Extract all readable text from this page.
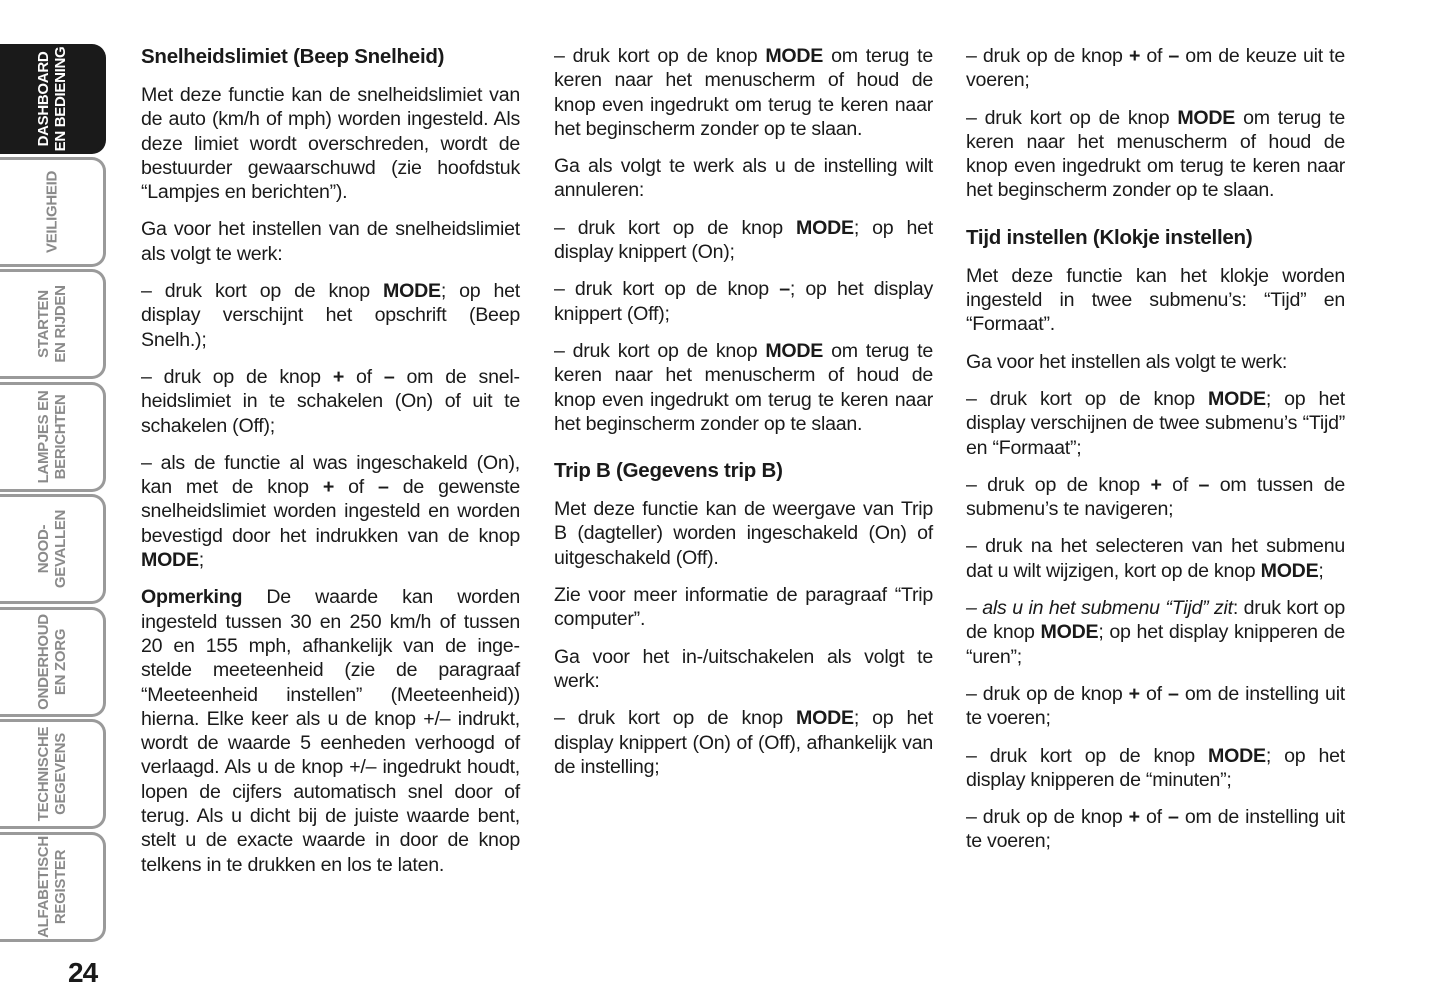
DASHBOARD EN BEDIENING
VEILIGHEID
STARTEN EN RIJDEN
LAMPJES EN BERICHTEN
NOOD- GEVALLEN
ONDERHOUD EN ZORG
TECHNISCHE GEGEVENS
ALFABETISCH REGISTER
24
Snelheidslimiet (Beep Snelheid)

Met deze functie kan de snelheidslimiet van de auto (km/h of mph) worden ingesteld. Als deze limiet wordt overschreden, wordt de bestuurder gewaarschuwd (zie hoofdstuk “Lampjes en berichten”).

Ga voor het instellen van de snelheidslimiet als volgt te werk:

– druk kort op de knop MODE; op het display verschijnt het opschrift (Beep Snelh.);

– druk op de knop + of – om de snelheidslimiet in te schakelen (On) of uit te schakelen (Off);

– als de functie al was ingeschakeld (On), kan met de knop + of – de gewenste snelheidslimiet worden ingesteld en worden bevestigd door het indrukken van de knop MODE;

Opmerking De waarde kan worden ingesteld tussen 30 en 250 km/h of tussen 20 en 155 mph, afhankelijk van de ingestelde meeteenheid (zie de paragraaf “Meeteenheid instellen” (Meeteenheid)) hierna. Elke keer als u de knop +/– indrukt, wordt de waarde 5 eenheden verhoogd of verlaagd. Als u de knop +/– ingedrukt houdt, lopen de cijfers automatisch snel door of terug. Als u dicht bij de juiste waarde bent, stelt u de exacte waarde in door de knop telkens in te drukken en los te laten.

– druk kort op de knop MODE om terug te keren naar het menuscherm of houd de knop even ingedrukt om terug te keren naar het beginscherm zonder op te slaan.

Ga als volgt te werk als u de instelling wilt annuleren:

– druk kort op de knop MODE; op het display knippert (On);

– druk kort op de knop –; op het display knippert (Off);

– druk kort op de knop MODE om terug te keren naar het menuscherm of houd de knop even ingedrukt om terug te keren naar het beginscherm zonder op te slaan.

Trip B (Gegevens trip B)

Met deze functie kan de weergave van Trip B (dagteller) worden ingeschakeld (On) of uitgeschakeld (Off).

Zie voor meer informatie de paragraaf “Trip computer”.

Ga voor het in-/uitschakelen als volgt te werk:

– druk kort op de knop MODE; op het display knippert (On) of (Off), afhankelijk van de instelling;

– druk op de knop + of – om de keuze uit te voeren;

– druk kort op de knop MODE om terug te keren naar het menuscherm of houd de knop even ingedrukt om terug te keren naar het beginscherm zonder op te slaan.

Tijd instellen (Klokje instellen)

Met deze functie kan het klokje worden ingesteld in twee submenu’s: “Tijd” en “Formaat”.

Ga voor het instellen als volgt te werk:

– druk kort op de knop MODE; op het display verschijnen de twee submenu’s “Tijd” en “Formaat”;

– druk op de knop + of – om tussen de submenu’s te navigeren;

– druk na het selecteren van het submenu dat u wilt wijzigen, kort op de knop MODE;

– als u in het submenu “Tijd” zit: druk kort op de knop MODE; op het display knipperen de “uren”;

– druk op de knop + of – om de instelling uit te voeren;

– druk kort op de knop MODE; op het display knipperen de “minuten”;

– druk op de knop + of – om de instelling uit te voeren;
